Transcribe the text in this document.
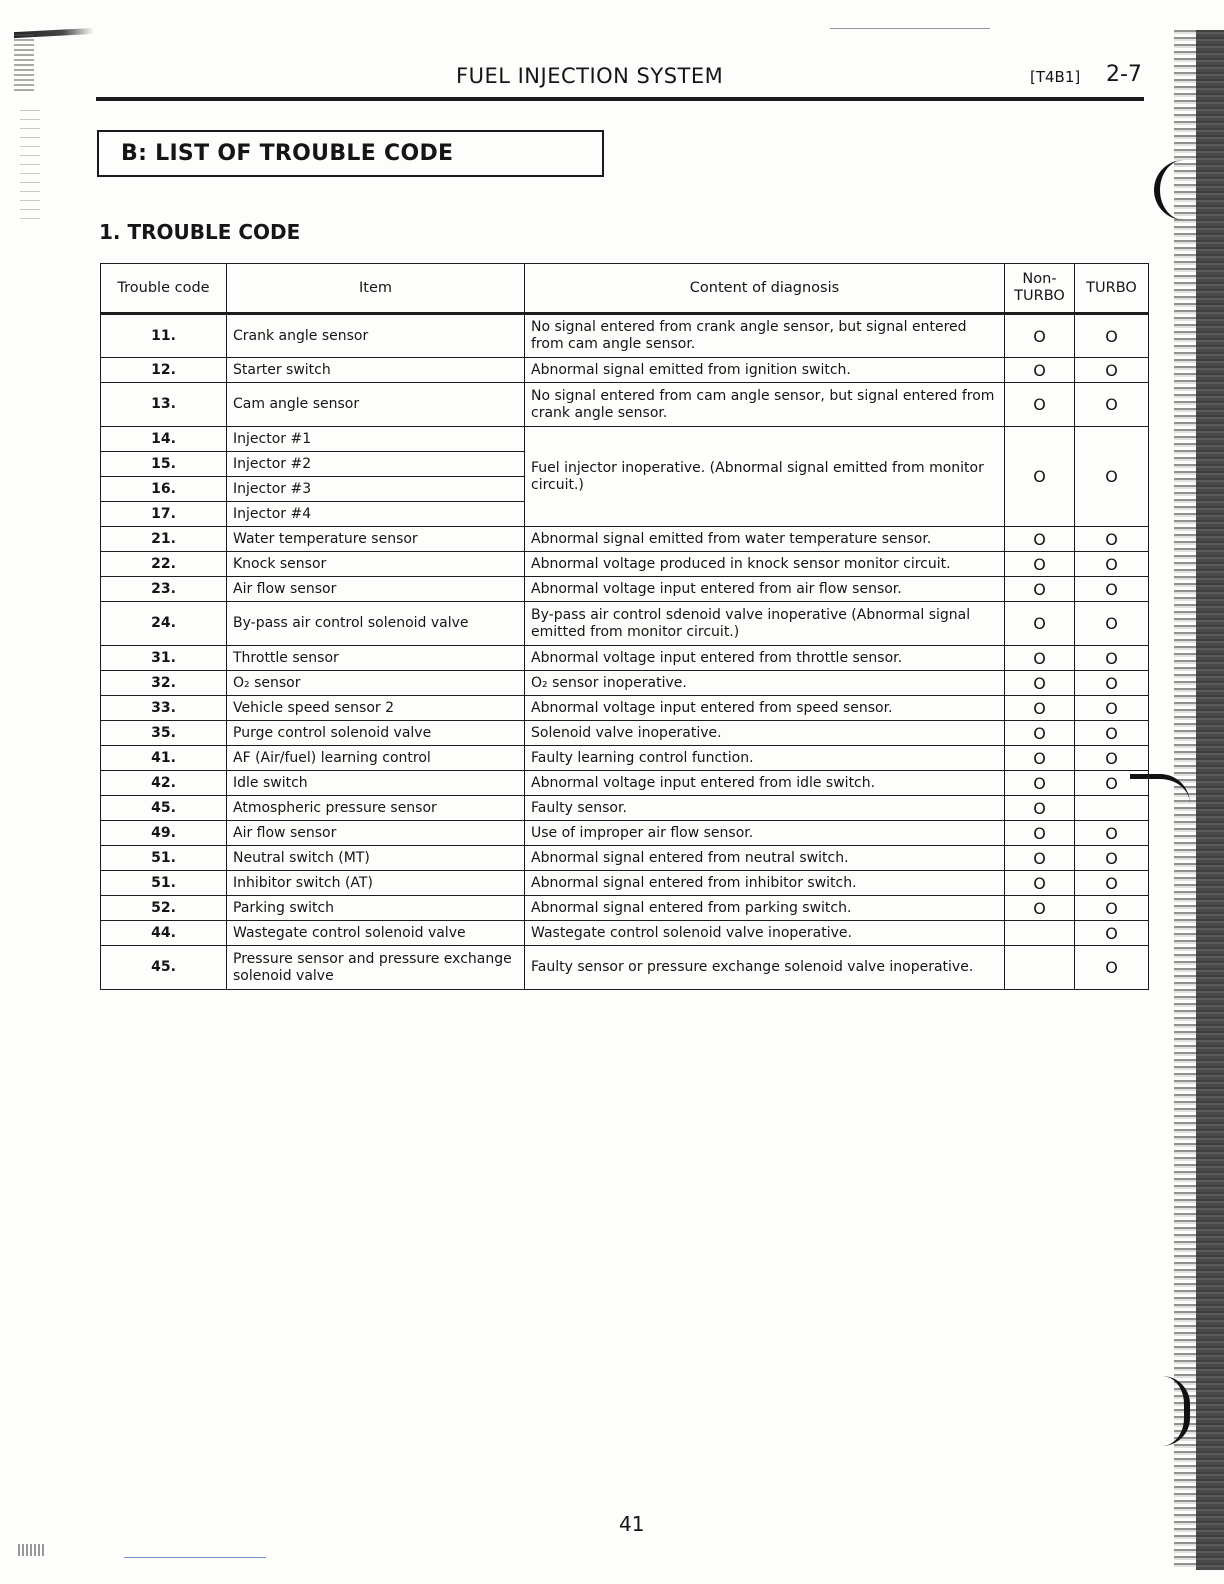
FUEL INJECTION SYSTEM	[T4B1] 2-7
B: LIST OF TROUBLE CODE
1. TROUBLE CODE
Trouble code	Item	Content of diagnosis	Non-TURBO	TURBO
11.	Crank angle sensor	No signal entered from crank angle sensor, but signal entered from cam angle sensor.	O	O
12.	Starter switch	Abnormal signal emitted from ignition switch.	O	O
13.	Cam angle sensor	No signal entered from cam angle sensor, but signal entered from crank angle sensor.	O	O
14.	Injector #1	Fuel injector inoperative. (Abnormal signal emitted from monitor circuit.)	O	O
15.	Injector #2			
16.	Injector #3			
17.	Injector #4			
21.	Water temperature sensor	Abnormal signal emitted from water temperature sensor.	O	O
22.	Knock sensor	Abnormal voltage produced in knock sensor monitor circuit.	O	O
23.	Air flow sensor	Abnormal voltage input entered from air flow sensor.	O	O
24.	By-pass air control solenoid valve	By-pass air control sdenoid valve inoperative (Abnormal signal emitted from monitor circuit.)	O	O
31.	Throttle sensor	Abnormal voltage input entered from throttle sensor.	O	O
32.	O₂ sensor	O₂ sensor inoperative.	O	O
33.	Vehicle speed sensor 2	Abnormal voltage input entered from speed sensor.	O	O
35.	Purge control solenoid valve	Solenoid valve inoperative.	O	O
41.	AF (Air/fuel) learning control	Faulty learning control function.	O	O
42.	Idle switch	Abnormal voltage input entered from idle switch.	O	O
45.	Atmospheric pressure sensor	Faulty sensor.	O	
49.	Air flow sensor	Use of improper air flow sensor.	O	O
51.	Neutral switch (MT)	Abnormal signal entered from neutral switch.	O	O
51.	Inhibitor switch (AT)	Abnormal signal entered from inhibitor switch.	O	O
52.	Parking switch	Abnormal signal entered from parking switch.	O	O
44.	Wastegate control solenoid valve	Wastegate control solenoid valve inoperative.		O
45.	Pressure sensor and pressure exchange solenoid valve	Faulty sensor or pressure exchange solenoid valve inoperative.		O
41
